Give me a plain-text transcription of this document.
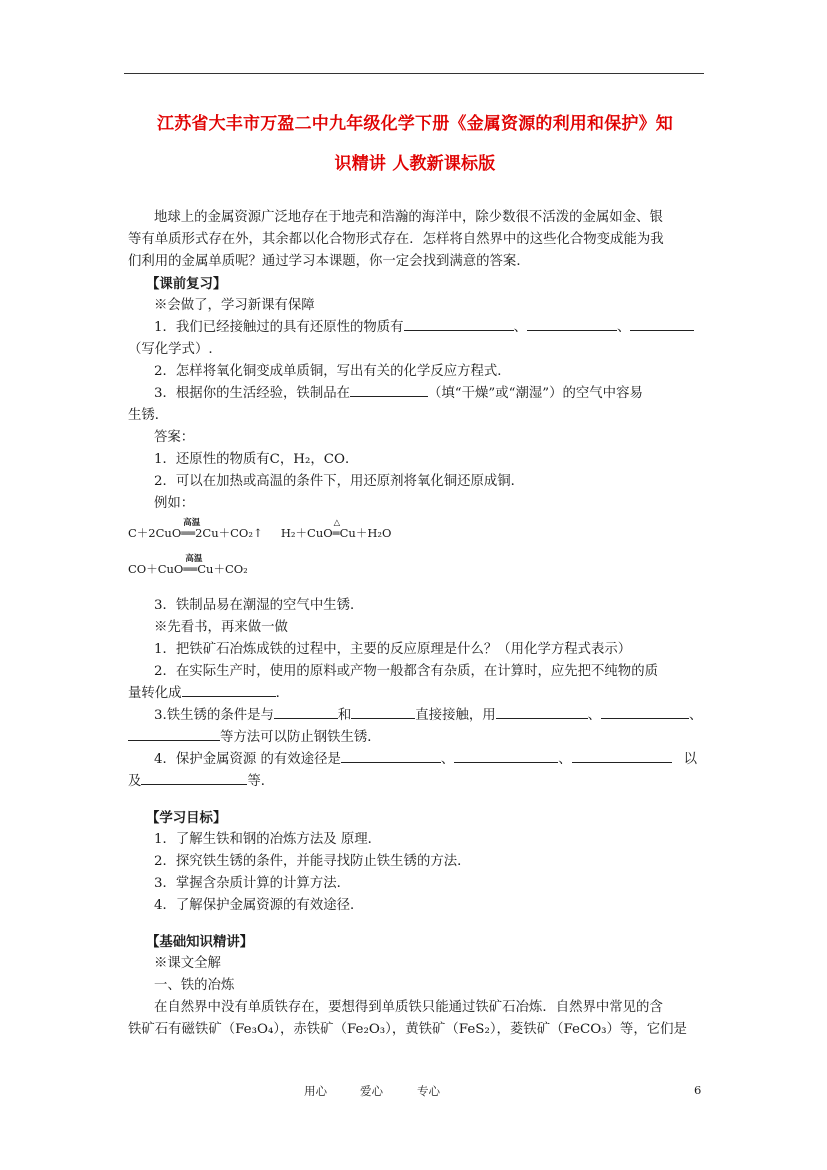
江苏省大丰市万盈二中九年级化学下册《金属资源的利用和保护》知
识精讲 人教新课标版

地球上的金属资源广泛地存在于地壳和浩瀚的海洋中，除少数很不活泼的金属如金、银

等有单质形式存在外，其余都以化合物形式存在．怎样将自然界中的这些化合物变成能为我

们利用的金属单质呢？通过学习本课题，你一定会找到满意的答案．

【课前复习】

※会做了，学习新课有保障

1．我们已经接触过的具有还原性的物质有	、	、

（写化学式）.

2．怎样将氧化铜变成单质铜，写出有关的化学反应方程式．

3．根据你的生活经验，铁制品在	（填“干燥”或“潮湿”）的空气中容易

生锈．

答案：

1．还原性的物质有C，H₂，CO．

2．可以在加热或高温的条件下，用还原剂将氧化铜还原成铜．

例如：

C＋2CuO
高温
══2Cu＋CO₂↑ H₂＋CuO
△
═Cu＋H₂O
CO＋CuO
高温
══Cu＋CO₂

3．铁制品易在潮湿的空气中生锈．

※先看书，再来做一做

1．把铁矿石冶炼成铁的过程中，主要的反应原理是什么？（用化学方程式表示）

2．在实际生产时，使用的原料或产物一般都含有杂质，在计算时，应先把不纯物的质

量转化成	．

3.铁生锈的条件是与	和	直接接触，用	、	、

等方法可以防止钢铁生锈．

4．保护金属资源 的有效途径是	、	、	以

及	等．

【学习目标】

1．了解生铁和钢的冶炼方法及 原理．

2．探究铁生锈的条件，并能寻找防止铁生锈的方法．

3．掌握含杂质计算的计算方法．

4．了解保护金属资源的有效途径．

【基础知识精讲】

※课文全解

一、铁的冶炼

在自然界中没有单质铁存在，要想得到单质铁只能通过铁矿石冶炼．自然界中常见的含

铁矿石有磁铁矿（Fe₃O₄），赤铁矿（Fe₂O₃），黄铁矿（FeS₂），菱铁矿（FeCO₃）等，它们是

用心	爱心	专心	6
